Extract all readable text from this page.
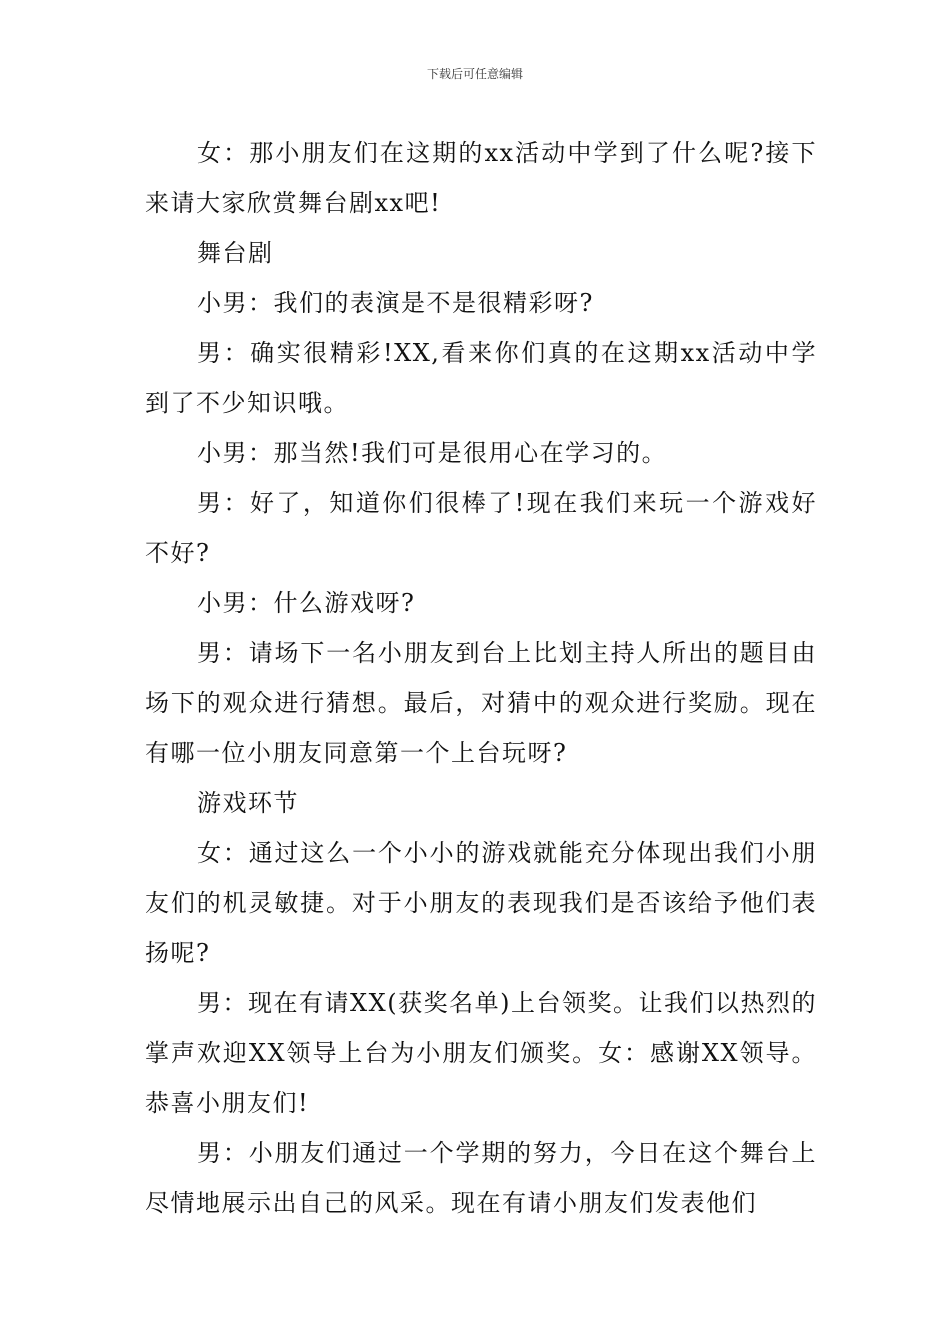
下载后可任意编辑

女：那小朋友们在这期的xx活动中学到了什么呢?接下来请大家欣赏舞台剧xx吧!

舞台剧

小男：我们的表演是不是很精彩呀?

男：确实很精彩!XX,看来你们真的在这期xx活动中学到了不少知识哦。

小男：那当然!我们可是很用心在学习的。

男：好了，知道你们很棒了!现在我们来玩一个游戏好不好?

小男：什么游戏呀?

男：请场下一名小朋友到台上比划主持人所出的题目由场下的观众进行猜想。最后，对猜中的观众进行奖励。现在有哪一位小朋友同意第一个上台玩呀?

游戏环节

女：通过这么一个小小的游戏就能充分体现出我们小朋友们的机灵敏捷。对于小朋友的表现我们是否该给予他们表扬呢?

男：现在有请XX(获奖名单)上台领奖。让我们以热烈的掌声欢迎XX领导上台为小朋友们颁奖。女：感谢XX领导。恭喜小朋友们!

男：小朋友们通过一个学期的努力，今日在这个舞台上尽情地展示出自己的风采。现在有请小朋友们发表他们
